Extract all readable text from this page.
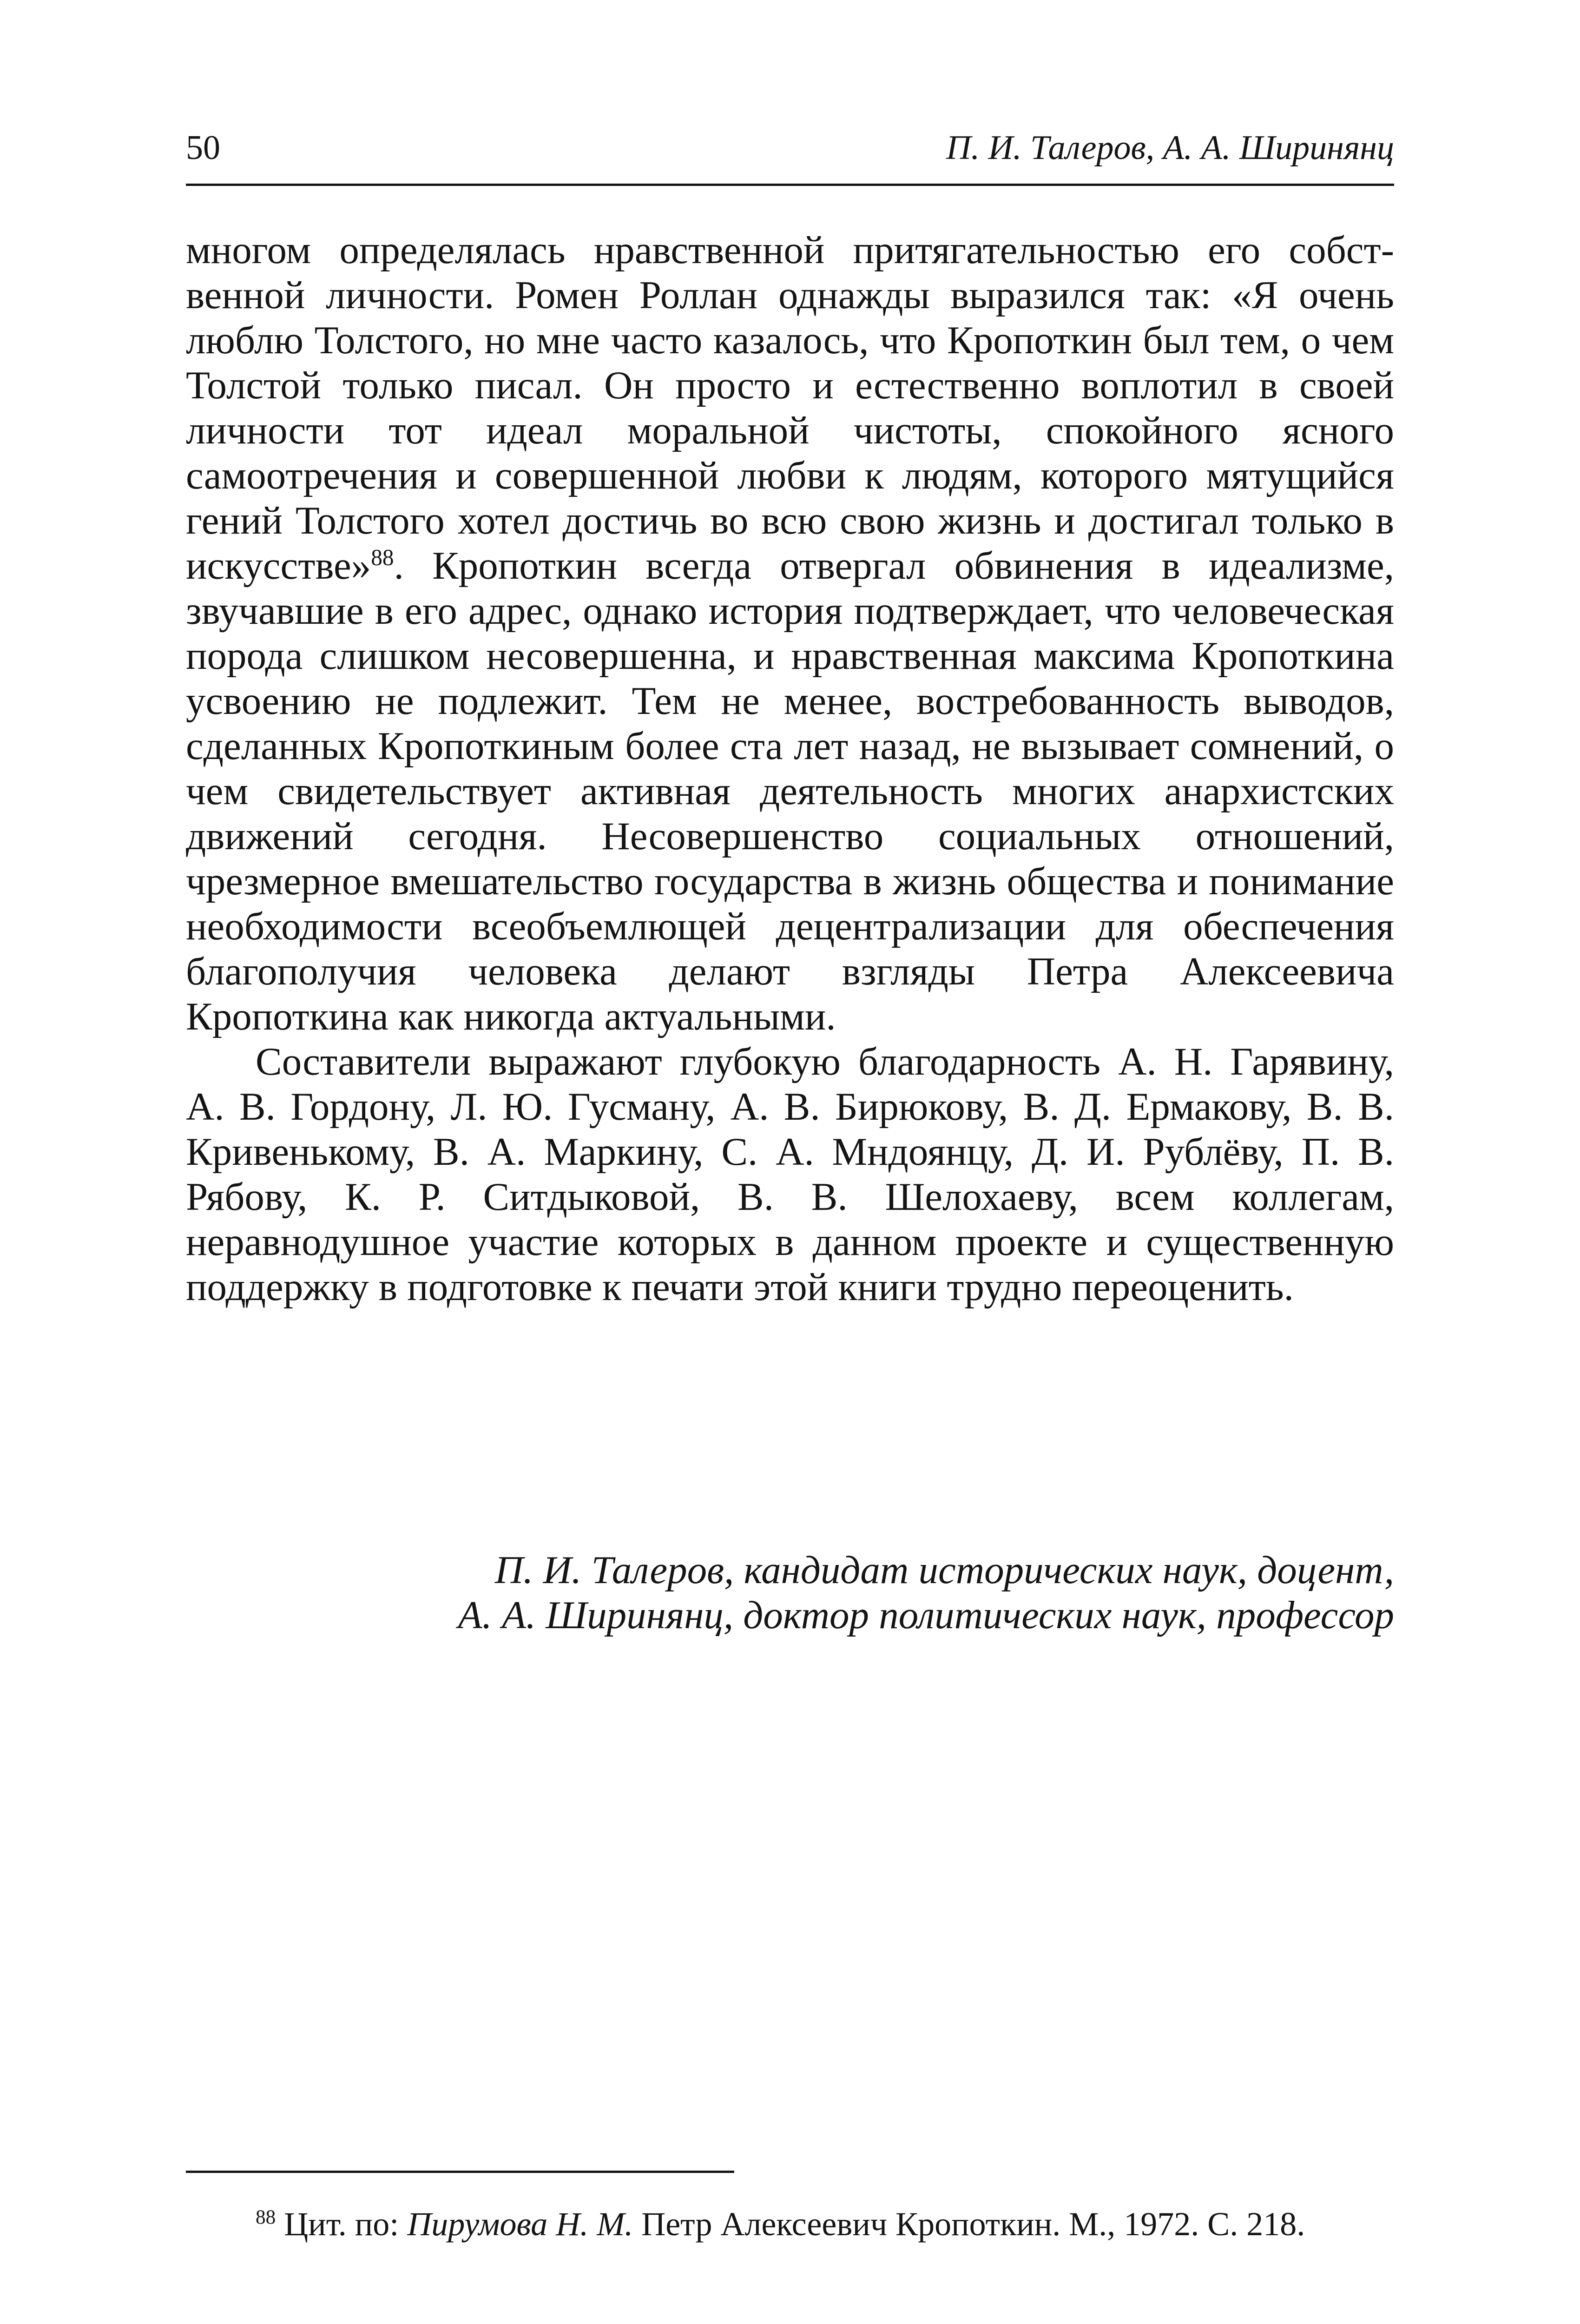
50	П. И. Талеров, А. А. Ширинянц

многом определялась нравственной притягательностью его собственной личности. Ромен Роллан однажды выразился так: «Я очень люблю Толстого, но мне часто казалось, что Кропоткин был тем, о чем Толстой только писал. Он просто и естественно воплотил в своей личности тот идеал моральной чистоты, спокойного ясного самоотречения и совершенной любви к людям, которого мятущийся гений Толстого хотел достичь во всю свою жизнь и достигал только в искусстве»$^{88}$. Кропоткин всегда отвергал обвинения в идеализме, звучавшие в его адрес, однако история подтверждает, что человеческая порода слишком несовершенна, и нравственная максима Кропоткина усвоению не подлежит. Тем не менее, востребованность выводов, сделанных Кропоткиным более ста лет назад, не вызывает сомнений, о чем свидетельствует активная деятельность многих анархистских движений сегодня. Несовершенство социальных отношений, чрезмерное вмешательство государства в жизнь общества и понимание необходимости всеобъемлющей децентрализации для обеспечения благополучия человека делают взгляды Петра Алексеевича Кропоткина как никогда актуальными.

Составители выражают глубокую благодарность А. Н. Гарявину, А. В. Гордону, Л. Ю. Гусману, А. В. Бирюкову, В. Д. Ермакову, В. В. Кривенькому, В. А. Маркину, С. А. Мндоянцу, Д. И. Рублёву, П. В. Рябову, К. Р. Ситдыковой, В. В. Шелохаеву, всем коллегам, неравнодушное участие которых в данном проекте и существенную поддержку в подготовке к печати этой книги трудно переоценить.

П. И. Талеров, кандидат исторических наук, доцент,
А. А. Ширинянц, доктор политических наук, профессор
$^{88}$ Цит. по: Пирумова Н. М. Петр Алексеевич Кропоткин. М., 1972. С. 218.
